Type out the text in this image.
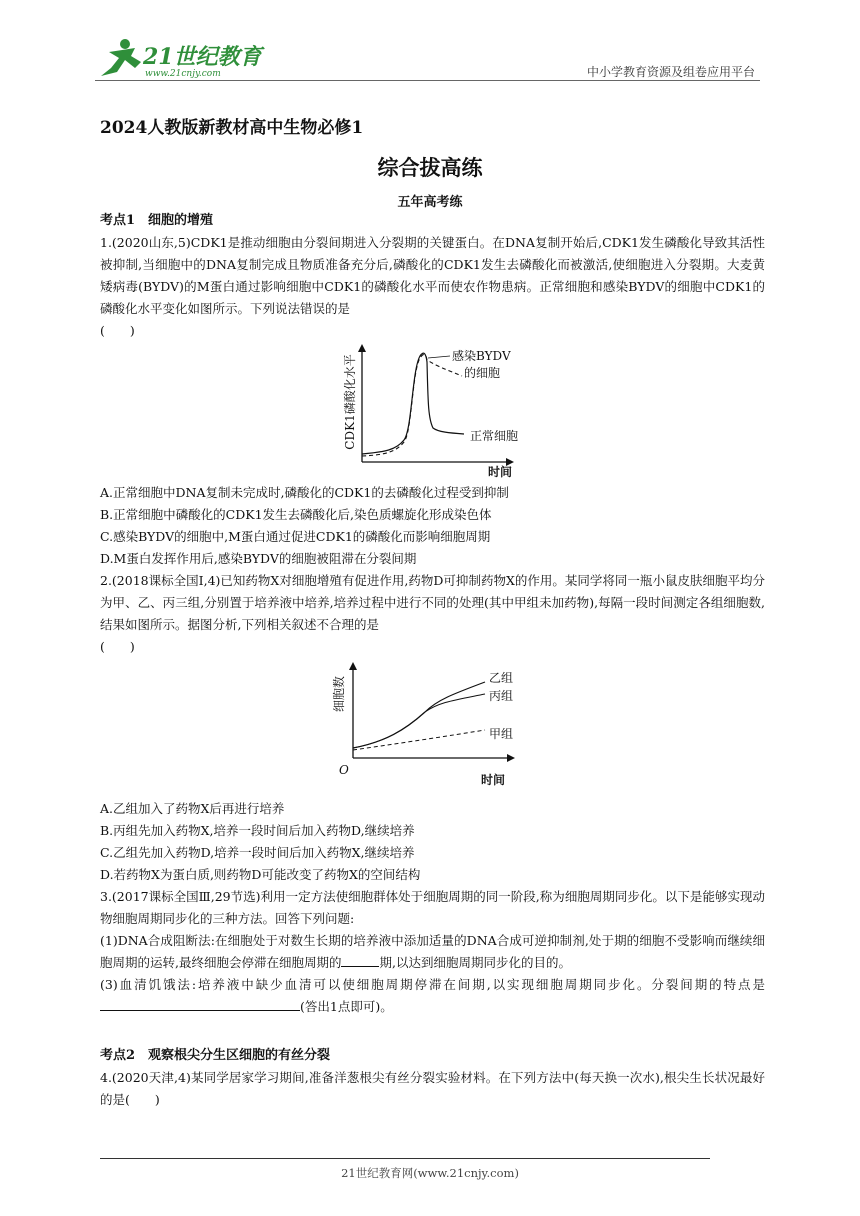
21世纪教育
www.21cnjy.com	中小学教育资源及组卷应用平台
2024人教版新教材高中生物必修1
综合拔高练
五年高考练
考点1　细胞的增殖
1.(2020山东,5)CDK1是推动细胞由分裂间期进入分裂期的关键蛋白。在DNA复制开始后,CDK1发生磷酸化导致其活性被抑制,当细胞中的DNA复制完成且物质准备充分后,磷酸化的CDK1发生去磷酸化而被激活,使细胞进入分裂期。大麦黄矮病毒(BYDV)的M蛋白通过影响细胞中CDK1的磷酸化水平而使农作物患病。正常细胞和感染BYDV的细胞中CDK1的磷酸化水平变化如图所示。下列说法错误的是
(　　)
CDK1磷酸化水平
时间
感染BYDV
的细胞
正常细胞
A.正常细胞中DNA复制未完成时,磷酸化的CDK1的去磷酸化过程受到抑制
B.正常细胞中磷酸化的CDK1发生去磷酸化后,染色质螺旋化形成染色体
C.感染BYDV的细胞中,M蛋白通过促进CDK1的磷酸化而影响细胞周期
D.M蛋白发挥作用后,感染BYDV的细胞被阻滞在分裂间期
2.(2018课标全国Ⅰ,4)已知药物X对细胞增殖有促进作用,药物D可抑制药物X的作用。某同学将同一瓶小鼠皮肤细胞平均分为甲、乙、丙三组,分别置于培养液中培养,培养过程中进行不同的处理(其中甲组未加药物),每隔一段时间测定各组细胞数,结果如图所示。据图分析,下列相关叙述不合理的是
(　　)
细胞数
O
时间
乙组
丙组
甲组
A.乙组加入了药物X后再进行培养
B.丙组先加入药物X,培养一段时间后加入药物D,继续培养
C.乙组先加入药物D,培养一段时间后加入药物X,继续培养
D.若药物X为蛋白质,则药物D可能改变了药物X的空间结构
3.(2017课标全国Ⅲ,29节选)利用一定方法使细胞群体处于细胞周期的同一阶段,称为细胞周期同步化。以下是能够实现动物细胞周期同步化的三种方法。回答下列问题:
(1)DNA合成阻断法:在细胞处于对数生长期的培养液中添加适量的DNA合成可逆抑制剂,处于期的细胞不受影响而继续细胞周期的运转,最终细胞会停滞在细胞周期的	期,以达到细胞周期同步化的目的。
(3)血清饥饿法:培养液中缺少血清可以使细胞周期停滞在间期,以实现细胞周期同步化。分裂间期的特点是(答出1点即可)。
考点2　观察根尖分生区细胞的有丝分裂
4.(2020天津,4)某同学居家学习期间,准备洋葱根尖有丝分裂实验材料。在下列方法中(每天换一次水),根尖生长状况最好的是(　　)
21世纪教育网(www.21cnjy.com)
